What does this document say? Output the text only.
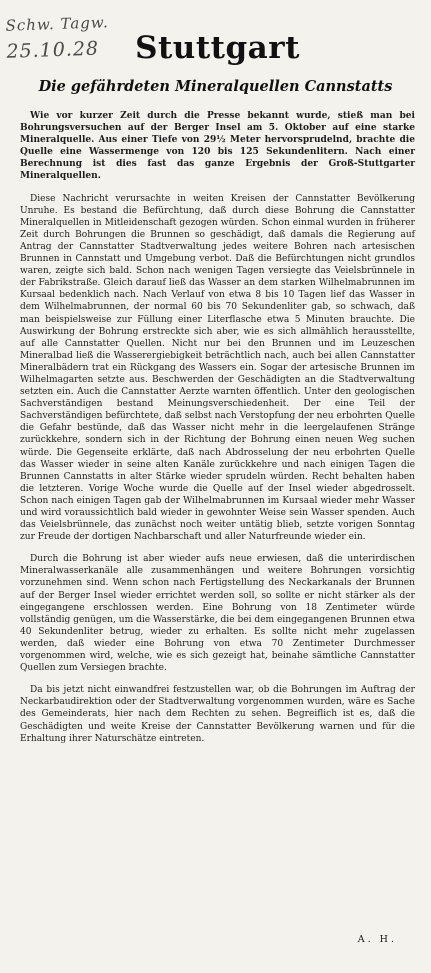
Schw. Tagw.
25.10.28	Stuttgart
Die gefährdeten Mineralquellen Cannstatts

Wie vor kurzer Zeit durch die Presse bekannt wurde, stieß man bei Bohrungsversuchen auf der Berger Insel am 5. Oktober auf eine starke Mineralquelle. Aus einer Tiefe von 29½ Meter hervorsprudelnd, brachte die Quelle eine Wassermenge von 120 bis 125 Sekundenlitern. Nach einer Berechnung ist dies fast das ganze Ergebnis der Groß-Stuttgarter Mineralquellen.

Diese Nachricht verursachte in weiten Kreisen der Cannstatter Bevölkerung Unruhe. Es bestand die Befürchtung, daß durch diese Bohrung die Cannstatter Mineralquellen in Mitleidenschaft gezogen würden. Schon einmal wurden in früherer Zeit durch Bohrungen die Brunnen so geschädigt, daß damals die Regierung auf Antrag der Cannstatter Stadtverwaltung jedes weitere Bohren nach artesischen Brunnen in Cannstatt und Umgebung verbot. Daß die Befürchtungen nicht grundlos waren, zeigte sich bald. Schon nach wenigen Tagen versiegte das Veielsbrünnele in der Fabrikstraße. Gleich darauf ließ das Wasser an dem starken Wilhelmabrunnen im Kursaal bedenklich nach. Nach Verlauf von etwa 8 bis 10 Tagen lief das Wasser in dem Wilhelmabrunnen, der normal 60 bis 70 Sekundenliter gab, so schwach, daß man beispielsweise zur Füllung einer Literflasche etwa 5 Minuten brauchte. Die Auswirkung der Bohrung erstreckte sich aber, wie es sich allmählich herausstellte, auf alle Cannstatter Quellen. Nicht nur bei den Brunnen und im Leuzeschen Mineralbad ließ die Wasserergiebigkeit beträchtlich nach, auch bei allen Cannstatter Mineralbädern trat ein Rückgang des Wassers ein. Sogar der artesische Brunnen im Wilhelmagarten setzte aus. Beschwerden der Geschädigten an die Stadtverwaltung setzten ein. Auch die Cannstatter Aerzte warnten öffentlich. Unter den geologischen Sachverständigen bestand Meinungsverschiedenheit. Der eine Teil der Sachverständigen befürchtete, daß selbst nach Verstopfung der neu erbohrten Quelle die Gefahr bestünde, daß das Wasser nicht mehr in die leergelaufenen Stränge zurückkehre, sondern sich in der Richtung der Bohrung einen neuen Weg suchen würde. Die Gegenseite erklärte, daß nach Abdrosselung der neu erbohrten Quelle das Wasser wieder in seine alten Kanäle zurückkehre und nach einigen Tagen die Brunnen Cannstatts in alter Stärke wieder sprudeln würden. Recht behalten haben die letzteren. Vorige Woche wurde die Quelle auf der Insel wieder abgedrosselt. Schon nach einigen Tagen gab der Wilhelmabrunnen im Kursaal wieder mehr Wasser und wird voraussichtlich bald wieder in gewohnter Weise sein Wasser spenden. Auch das Veielsbrünnele, das zunächst noch weiter untätig blieb, setzte vorigen Sonntag zur Freude der dortigen Nachbarschaft und aller Naturfreunde wieder ein.

Durch die Bohrung ist aber wieder aufs neue erwiesen, daß die unterirdischen Mineralwasserkanäle alle zusammenhängen und weitere Bohrungen vorsichtig vorzunehmen sind. Wenn schon nach Fertigstellung des Neckarkanals der Brunnen auf der Berger Insel wieder errichtet werden soll, so sollte er nicht stärker als der eingegangene erschlossen werden. Eine Bohrung von 18 Zentimeter würde vollständig genügen, um die Wasserstärke, die bei dem eingegangenen Brunnen etwa 40 Sekundenliter betrug, wieder zu erhalten. Es sollte nicht mehr zugelassen werden, daß wieder eine Bohrung von etwa 70 Zentimeter Durchmesser vorgenommen wird, welche, wie es sich gezeigt hat, beinahe sämtliche Cannstatter Quellen zum Versiegen brachte.

Da bis jetzt nicht einwandfrei festzustellen war, ob die Bohrungen im Auftrag der Neckarbaudirektion oder der Stadtverwaltung vorgenommen wurden, wäre es Sache des Gemeinderats, hier nach dem Rechten zu sehen. Begreiflich ist es, daß die Geschädigten und weite Kreise der Cannstatter Bevölkerung warnen und für die Erhaltung ihrer Naturschätze eintreten.

A. H.
